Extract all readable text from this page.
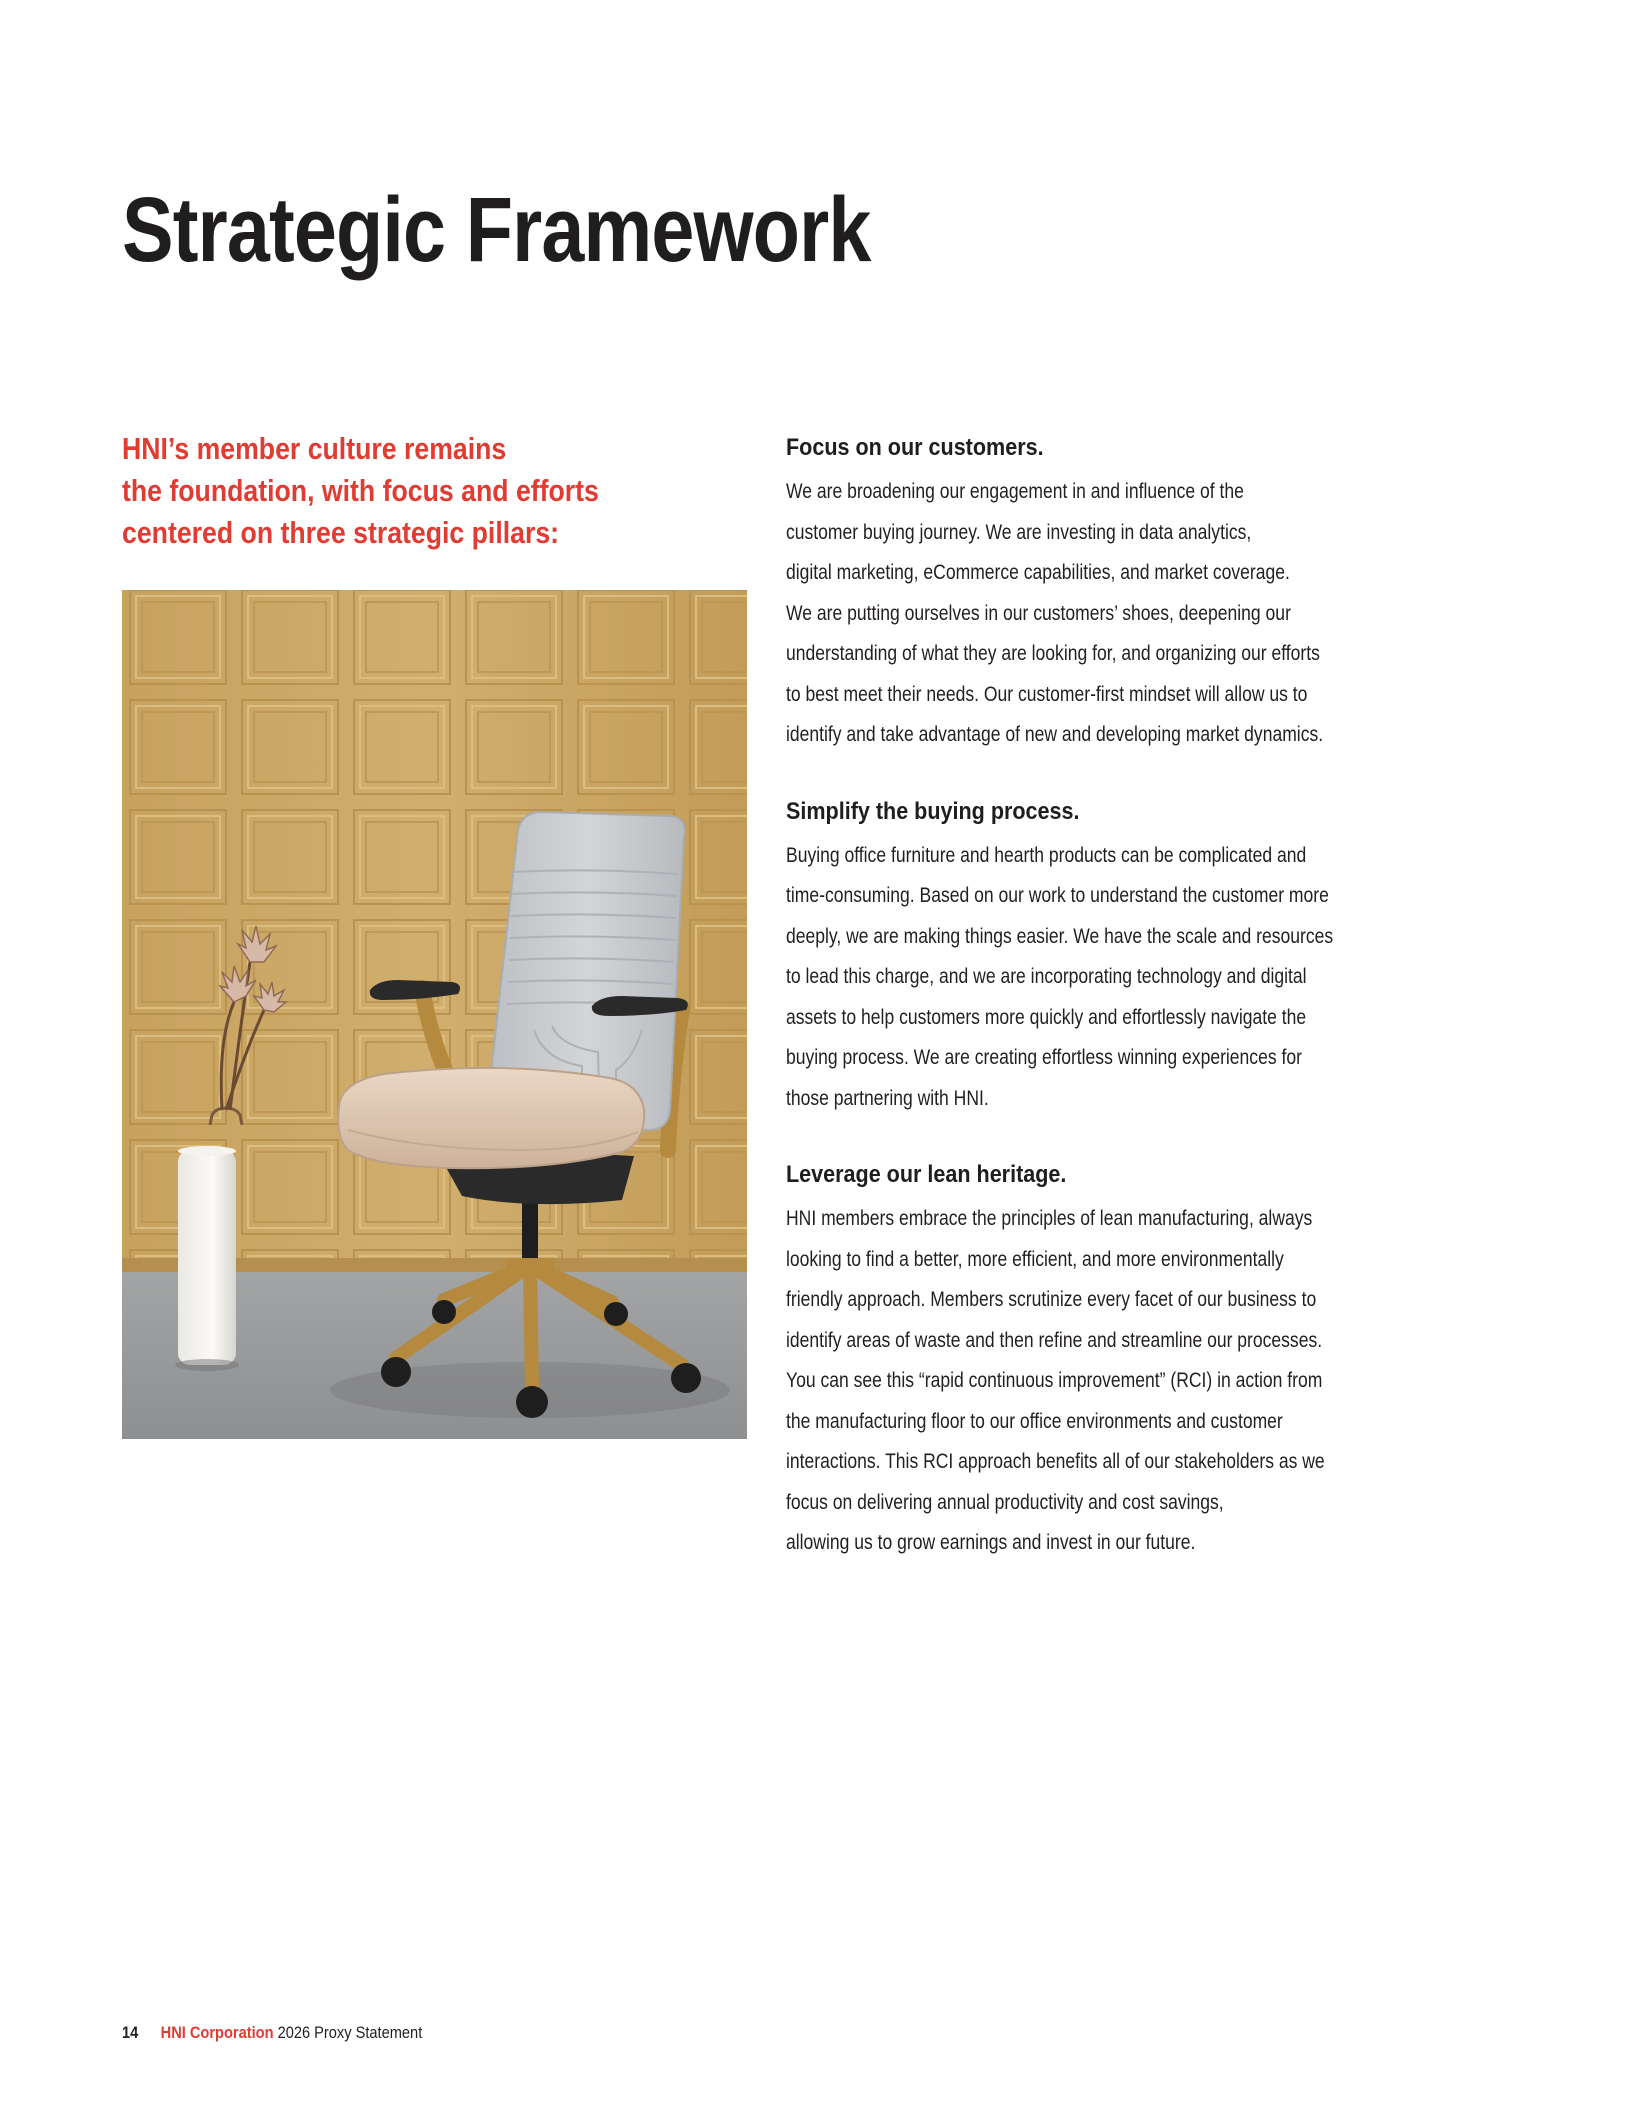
Strategic Framework
HNI’s member culture remains
the foundation, with focus and efforts
centered on three strategic pillars:
Focus on our customers.
We are broadening our engagement in and influence of the
customer buying journey. We are investing in data analytics,
digital marketing, eCommerce capabilities, and market coverage.
We are putting ourselves in our customers’ shoes, deepening our
understanding of what they are looking for, and organizing our efforts
to best meet their needs. Our customer-first mindset will allow us to
identify and take advantage of new and developing market dynamics.
Simplify the buying process.
Buying office furniture and hearth products can be complicated and
time-consuming. Based on our work to understand the customer more
deeply, we are making things easier. We have the scale and resources
to lead this charge, and we are incorporating technology and digital
assets to help customers more quickly and effortlessly navigate the
buying process. We are creating effortless winning experiences for
those partnering with HNI.
Leverage our lean heritage.
HNI members embrace the principles of lean manufacturing, always
looking to find a better, more efficient, and more environmentally
friendly approach. Members scrutinize every facet of our business to
identify areas of waste and then refine and streamline our processes.
You can see this “rapid continuous improvement” (RCI) in action from
the manufacturing floor to our office environments and customer
interactions. This RCI approach benefits all of our stakeholders as we
focus on delivering annual productivity and cost savings,
allowing us to grow earnings and invest in our future.
14 HNI Corporation 2026 Proxy Statement
